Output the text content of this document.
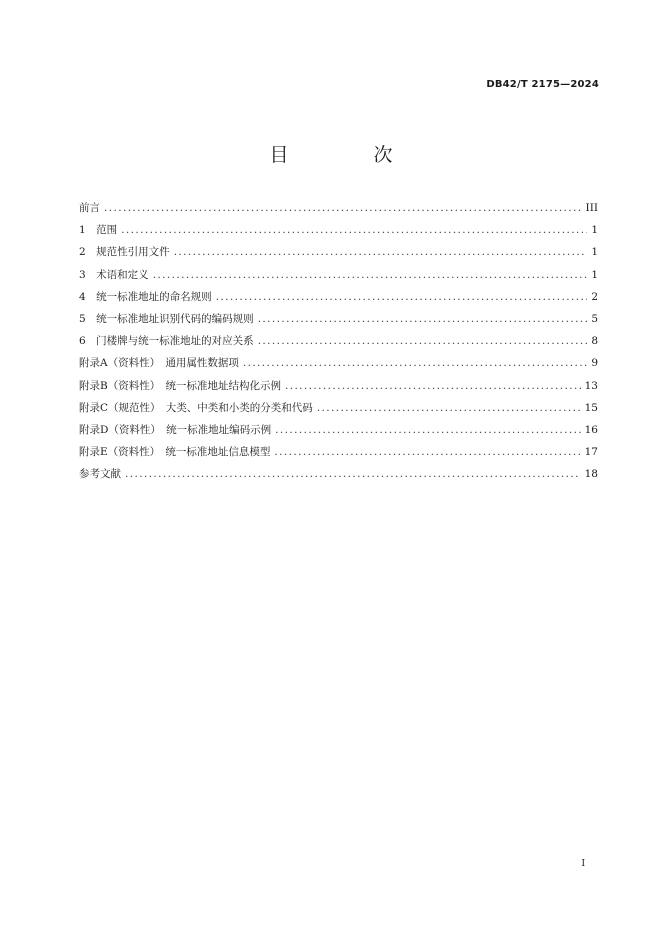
DB42/T 2175—2024
目　次
前言 .....	III
1　范围 .....	1
2　规范性引用文件 .....	1
3　术语和定义 .....	1
4　统一标准地址的命名规则 .....	2
5　统一标准地址识别代码的编码规则 .....	5
6　门楼牌与统一标准地址的对应关系 .....	8
附录A（资料性）　通用属性数据项 .....	9
附录B（资料性）　统一标准地址结构化示例 .....	13
附录C（规范性）　大类、中类和小类的分类和代码 .....	15
附录D（资料性）　统一标准地址编码示例 .....	16
附录E（资料性）　统一标准地址信息模型 .....	17
参考文献 .....	18
I
